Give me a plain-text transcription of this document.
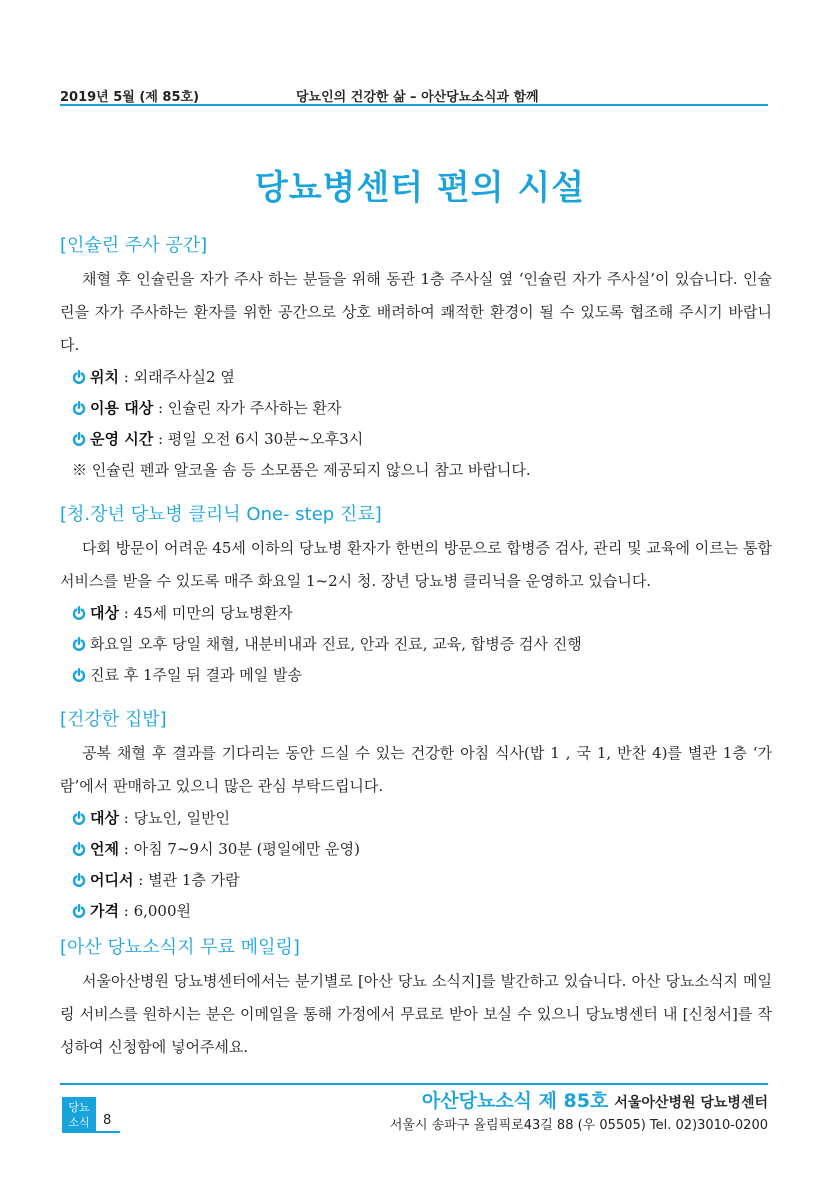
2019년 5월 (제 85호)	당뇨인의 건강한 삶 – 아산당뇨소식과 함께
당뇨병센터 편의 시설
[인슐린 주사 공간]
채혈 후 인슐린을 자가 주사 하는 분들을 위해 동관 1층 주사실 옆 ‘인슐린 자가 주사실’이 있습니다. 인슐린을 자가 주사하는 환자를 위한 공간으로 상호 배려하여 쾌적한 환경이 될 수 있도록 협조해 주시기 바랍니다.
위치 : 외래주사실2 옆
이용 대상 : 인슐린 자가 주사하는 환자
운영 시간 : 평일 오전 6시 30분~오후3시
※ 인슐린 펜과 알코올 솜 등 소모품은 제공되지 않으니 참고 바랍니다.
[청.장년 당뇨병 클리닉 One- step 진료]
다회 방문이 어려운 45세 이하의 당뇨병 환자가 한번의 방문으로 합병증 검사, 관리 및 교육에 이르는 통합 서비스를 받을 수 있도록 매주 화요일 1~2시 청. 장년 당뇨병 클리닉을 운영하고 있습니다.
대상 : 45세 미만의 당뇨병환자
화요일 오후 당일 채혈, 내분비내과 진료, 안과 진료, 교육, 합병증 검사 진행
진료 후 1주일 뒤 결과 메일 발송
[건강한 집밥]
공복 채혈 후 결과를 기다리는 동안 드실 수 있는 건강한 아침 식사(밥 1 , 국 1, 반찬 4)를 별관 1층 ‘가람’에서 판매하고 있으니 많은 관심 부탁드립니다.
대상 : 당뇨인, 일반인
언제 : 아침 7~9시 30분 (평일에만 운영)
어디서 : 별관 1층 가람
가격 : 6,000원
[아산 당뇨소식지 무료 메일링]
서울아산병원 당뇨병센터에서는 분기별로 [아산 당뇨 소식지]를 발간하고 있습니다. 아산 당뇨소식지 메일링 서비스를 원하시는 분은 이메일을 통해 가정에서 무료로 받아 보실 수 있으니 당뇨병센터 내 [신청서]를 작성하여 신청함에 넣어주세요.
당뇨
소식	8
아산당뇨소식 제 85호 서울아산병원 당뇨병센터
서울시 송파구 올림픽로43길 88 (우 05505) Tel. 02)3010-0200
